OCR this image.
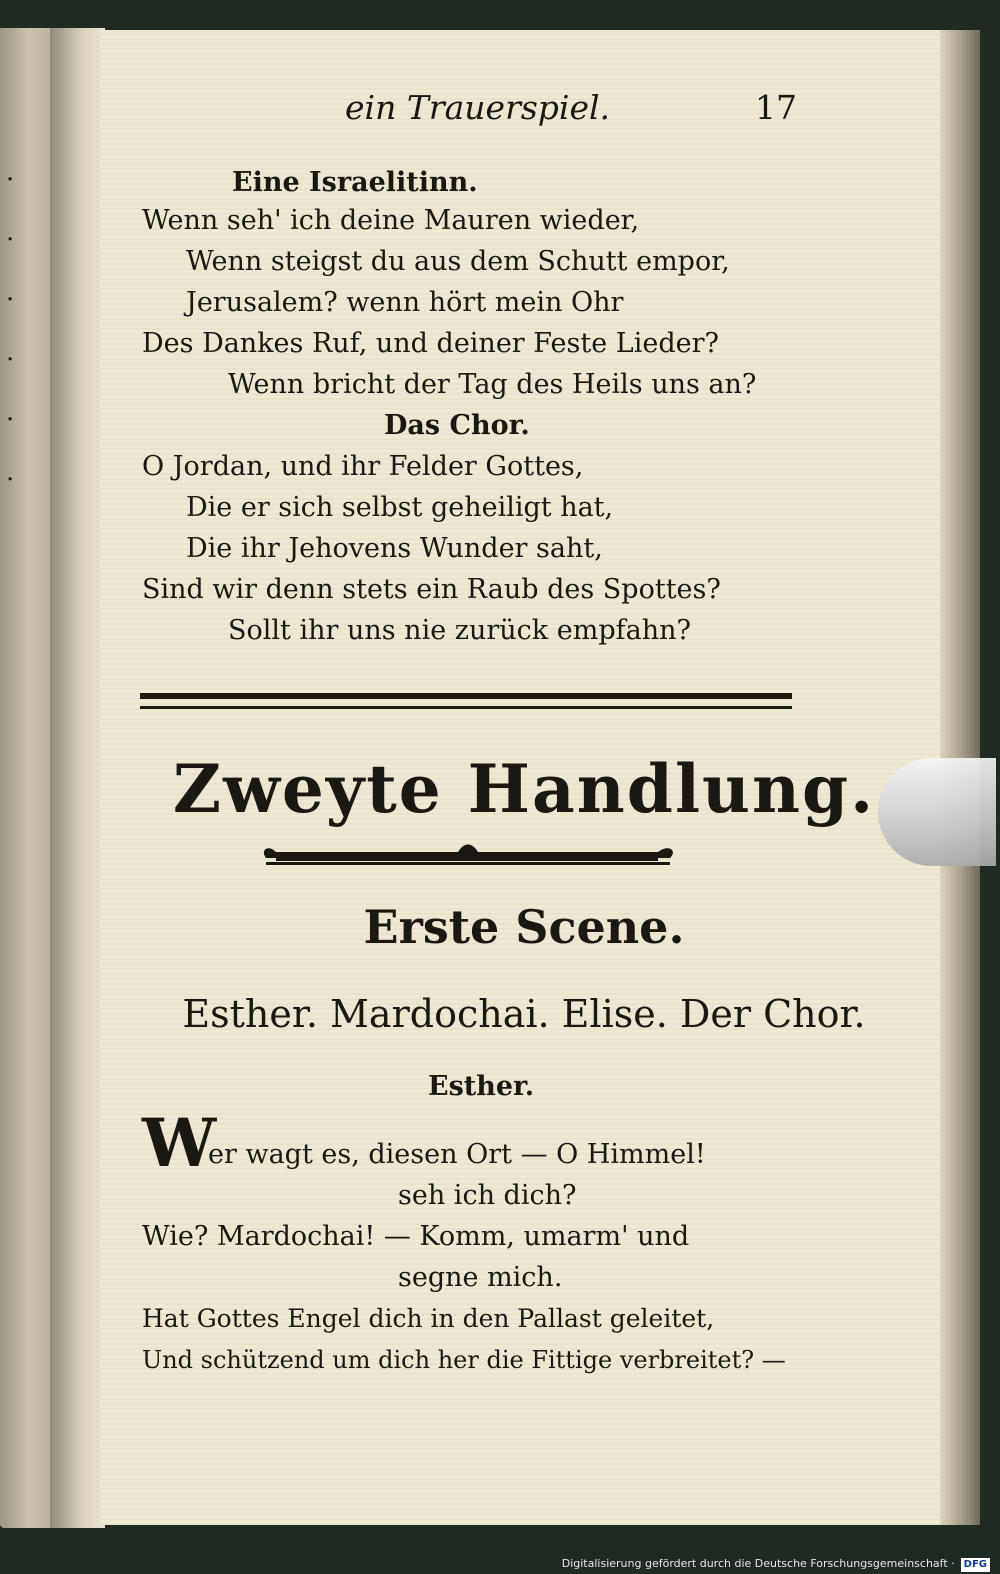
·
·
·
·
·
·
ein Trauerspiel.	17
Eine Israelitinn.
Wenn seh' ich deine Mauren wieder,
Wenn steigst du aus dem Schutt empor,
Jerusalem? wenn hört mein Ohr
Des Dankes Ruf, und deiner Feste Lieder?
Wenn bricht der Tag des Heils uns an?
Das Chor.
O Jordan, und ihr Felder Gottes,
Die er sich selbst geheiligt hat,
Die ihr Jehovens Wunder saht,
Sind wir denn stets ein Raub des Spottes?
Sollt ihr uns nie zurück empfahn?
Zweyte Handlung.
Erste Scene.
Esther. Mardochai. Elise. Der Chor.
Esther.
W
er wagt es, diesen Ort — O Himmel!
seh ich dich?
Wie? Mardochai! — Komm, umarm' und
segne mich.
Hat Gottes Engel dich in den Pallast geleitet,
Und schützend um dich her die Fittige verbreitet? —
Digitalisierung gefördert durch die Deutsche Forschungsgemeinschaft · DFG
